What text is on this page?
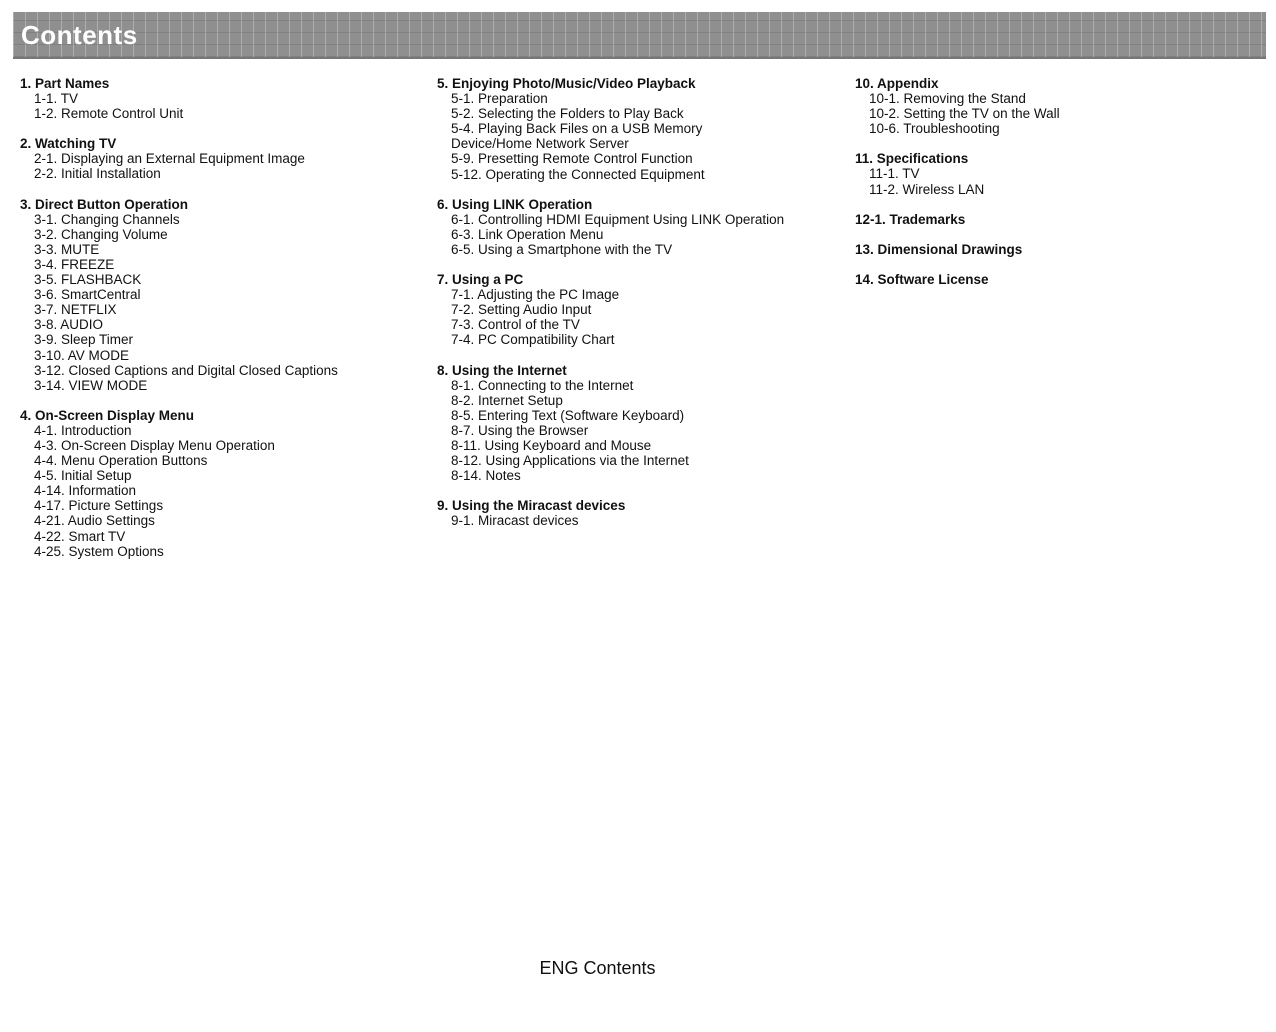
Contents
1. Part Names
1-1. TV
1-2. Remote Control Unit
2. Watching TV
2-1. Displaying an External Equipment Image
2-2. Initial Installation
3. Direct Button Operation
3-1. Changing Channels
3-2. Changing Volume
3-3. MUTE
3-4. FREEZE
3-5. FLASHBACK
3-6. SmartCentral
3-7. NETFLIX
3-8. AUDIO
3-9. Sleep Timer
3-10. AV MODE
3-12. Closed Captions and Digital Closed Captions
3-14. VIEW MODE
4. On-Screen Display Menu
4-1. Introduction
4-3. On-Screen Display Menu Operation
4-4. Menu Operation Buttons
4-5. Initial Setup
4-14. Information
4-17. Picture Settings
4-21. Audio Settings
4-22. Smart TV
4-25. System Options
5. Enjoying Photo/Music/Video Playback
5-1. Preparation
5-2. Selecting the Folders to Play Back
5-4. Playing Back Files on a USB Memory
Device/Home Network Server
5-9. Presetting Remote Control Function
5-12. Operating the Connected Equipment
6. Using LINK Operation
6-1. Controlling HDMI Equipment Using LINK Operation
6-3. Link Operation Menu
6-5. Using a Smartphone with the TV
7. Using a PC
7-1. Adjusting the PC Image
7-2. Setting Audio Input
7-3. Control of the TV
7-4. PC Compatibility Chart
8. Using the Internet
8-1. Connecting to the Internet
8-2. Internet Setup
8-5. Entering Text (Software Keyboard)
8-7. Using the Browser
8-11. Using Keyboard and Mouse
8-12. Using Applications via the Internet
8-14. Notes
9. Using the Miracast devices
9-1. Miracast devices
10. Appendix
10-1. Removing the Stand
10-2. Setting the TV on the Wall
10-6. Troubleshooting
11. Specifications
11-1. TV
11-2. Wireless LAN
12-1. Trademarks
13. Dimensional Drawings
14. Software License
ENG Contents
